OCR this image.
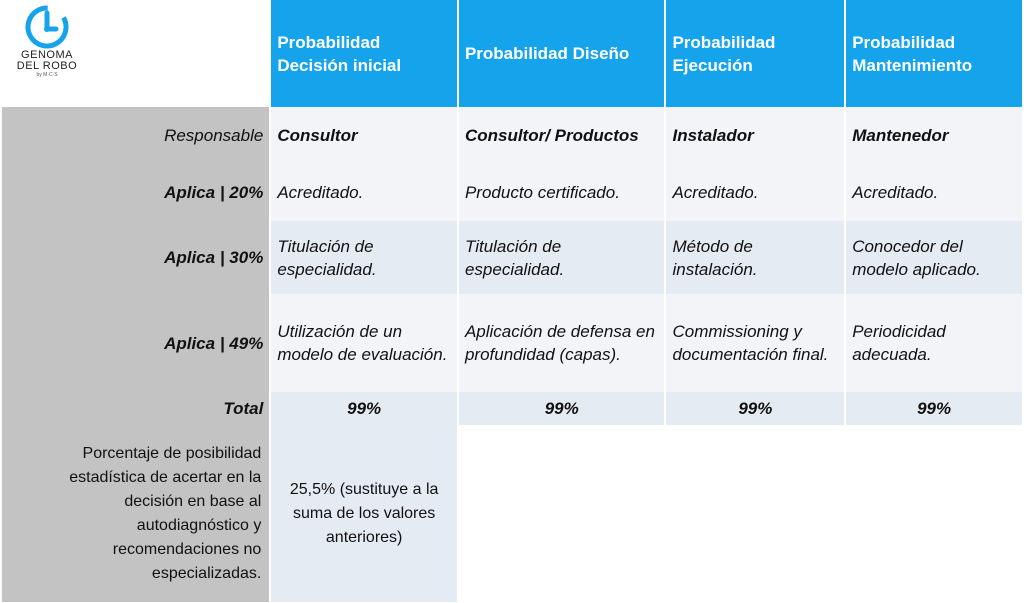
	Probabilidad Decisión inicial	Probabilidad Diseño	Probabilidad Ejecución	Probabilidad Mantenimiento
Responsable	Consultor	Consultor/ Productos	Instalador	Mantenedor
Aplica | 20%	Acreditado.	Producto certificado.	Acreditado.	Acreditado.
Aplica | 30%	Titulación de especialidad.	Titulación de especialidad.	Método de instalación.	Conocedor del modelo aplicado.
Aplica | 49%	Utilización de un modelo de evaluación.	Aplicación de defensa en profundidad (capas).	Commissioning y documentación final.	Periodicidad adecuada.
Total	99%	99%	99%	99%
Porcentaje de posibilidad estadística de acertar en la decisión en base al autodiagnóstico y recomendaciones no especializadas.	25,5% (sustituye a la suma de los valores anteriores)			
GENOMA
DEL ROBO
by M·C·S
